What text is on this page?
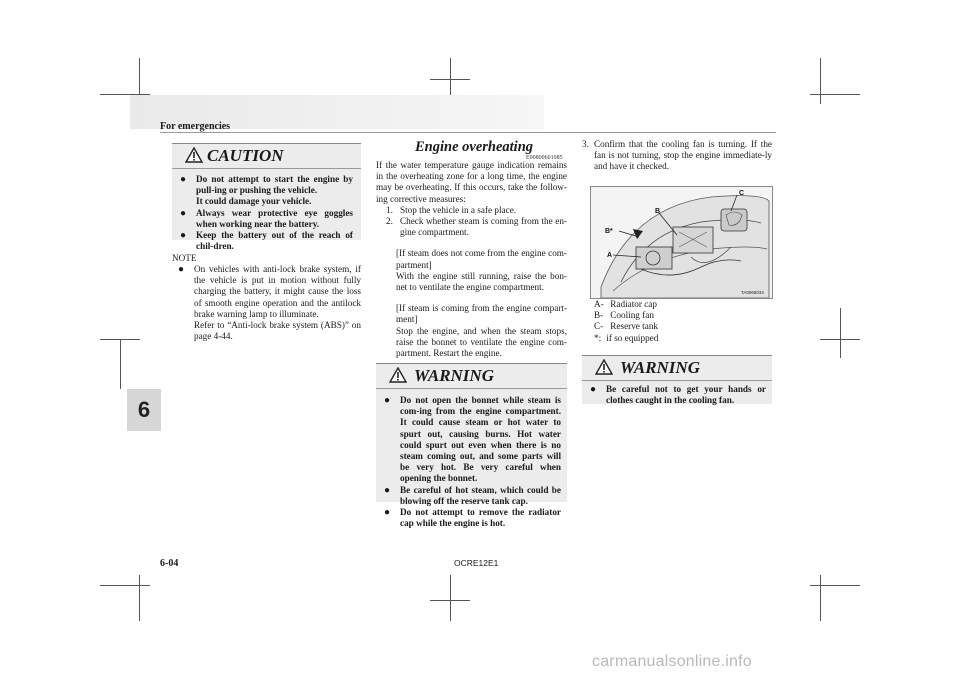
For emergencies
6
CAUTION
● Do not attempt to start the engine by pull-ing or pushing the vehicle.
It could damage your vehicle.
● Always wear protective eye goggles when working near the battery.
● Keep the battery out of the reach of chil-dren.
NOTE
● On vehicles with anti-lock brake system, if the vehicle is put in motion without fully charging the battery, it might cause the loss of smooth engine operation and the antilock brake warning lamp to illuminate.
Refer to “Anti-lock brake system (ABS)” on page 4-44.
Engine overheating
E00800601985
If the water temperature gauge indication remains in the overheating zone for a long time, the engine may be overheating. If this occurs, take the follow-ing corrective measures:
1. Stop the vehicle in a safe place.
2. Check whether steam is coming from the en-gine compartment.
[If steam does not come from the engine com-partment]
With the engine still running, raise the bon-net to ventilate the engine compartment.
[If steam is coming from the engine compart-ment]
Stop the engine, and when the steam stops, raise the bonnet to ventilate the engine com-partment. Restart the engine.
WARNING
● Do not open the bonnet while steam is com-ing from the engine compartment. It could cause steam or hot water to spurt out, causing burns. Hot water could spurt out even when there is no steam coming out, and some parts will be very hot. Be very careful when opening the bonnet.
● Be careful of hot steam, which could be blowing off the reserve tank cap.
● Do not attempt to remove the radiator cap while the engine is hot.
3. Confirm that the cooling fan is turning. If the fan is not turning, stop the engine immediate-ly and have it checked.
C
B
B*
A
TA0065034
A- Radiator cap
B- Cooling fan
C- Reserve tank
*: if so equipped
WARNING
● Be careful not to get your hands or clothes caught in the cooling fan.
6-04	OCRE12E1
carmanualsonline.info
